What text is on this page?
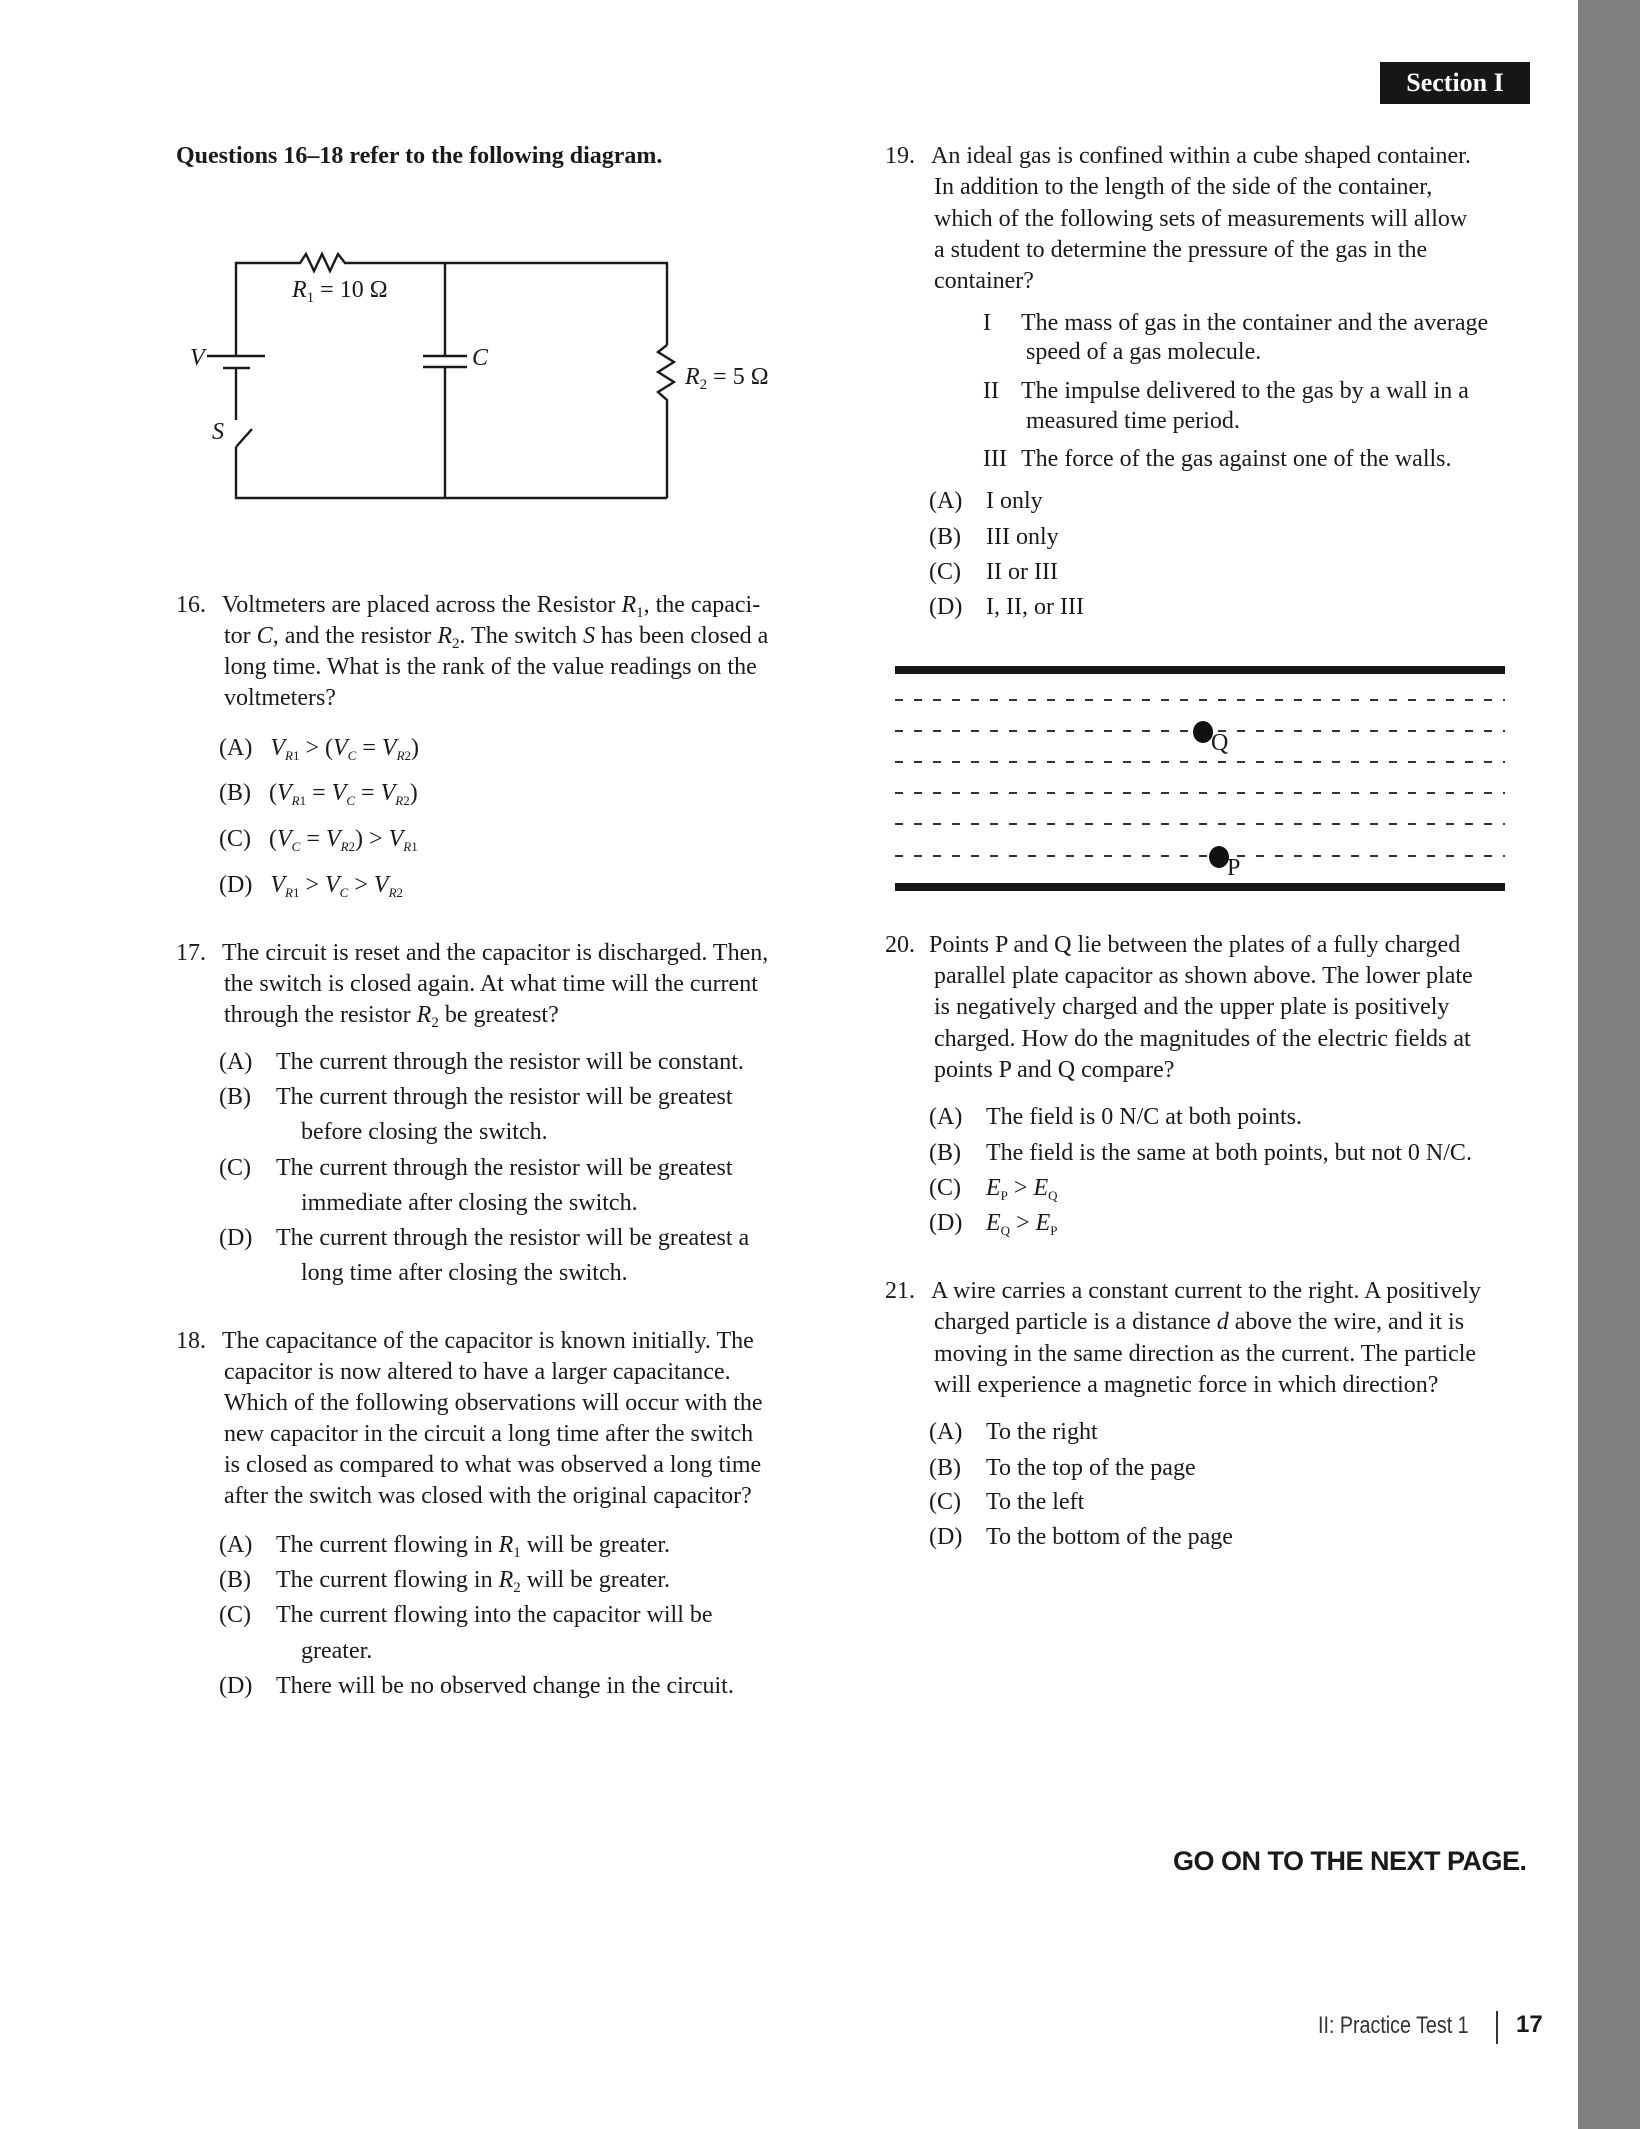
Section I
Questions 16–18 refer to the following diagram.
V
S
C
$R_1 = 10$ Ω
$R_2 = 5$ Ω
16. Voltmeters are placed across the Resistor $R_1$, the capaci-
tor C, and the resistor $R_2$. The switch S has been closed a
long time. What is the rank of the value readings on the
voltmeters?
(A) $V_{R1} > (V_C = V_{R2})$
(B) $(V_{R1} = V_C = V_{R2})$
(C) $(V_C = V_{R2}) > V_{R1}$
(D) $V_{R1} > V_C > V_{R2}$
17. The circuit is reset and the capacitor is discharged. Then,
the switch is closed again. At what time will the current
through the resistor $R_2$ be greatest?
(A) The current through the resistor will be constant.
(B) The current through the resistor will be greatest
before closing the switch.
(C) The current through the resistor will be greatest
immediate after closing the switch.
(D) The current through the resistor will be greatest a
long time after closing the switch.
18. The capacitance of the capacitor is known initially. The
capacitor is now altered to have a larger capacitance.
Which of the following observations will occur with the
new capacitor in the circuit a long time after the switch
is closed as compared to what was observed a long time
after the switch was closed with the original capacitor?
(A) The current flowing in $R_1$ will be greater.
(B) The current flowing in $R_2$ will be greater.
(C) The current flowing into the capacitor will be
greater.
(D) There will be no observed change in the circuit.
19. An ideal gas is confined within a cube shaped container.
In addition to the length of the side of the container,
which of the following sets of measurements will allow
a student to determine the pressure of the gas in the
container?
I The mass of gas in the container and the average
speed of a gas molecule.
II The impulse delivered to the gas by a wall in a
measured time period.
III The force of the gas against one of the walls.
(A) I only
(B) III only
(C) II or III
(D) I, II, or III
Q
P
20. Points P and Q lie between the plates of a fully charged
parallel plate capacitor as shown above. The lower plate
is negatively charged and the upper plate is positively
charged. How do the magnitudes of the electric fields at
points P and Q compare?
(A) The field is 0 N/C at both points.
(B) The field is the same at both points, but not 0 N/C.
(C) $E_P > E_Q$
(D) $E_Q > E_P$
21. A wire carries a constant current to the right. A positively
charged particle is a distance d above the wire, and it is
moving in the same direction as the current. The particle
will experience a magnetic force in which direction?
(A) To the right
(B) To the top of the page
(C) To the left
(D) To the bottom of the page
GO ON TO THE NEXT PAGE.
II: Practice Test 1 17
